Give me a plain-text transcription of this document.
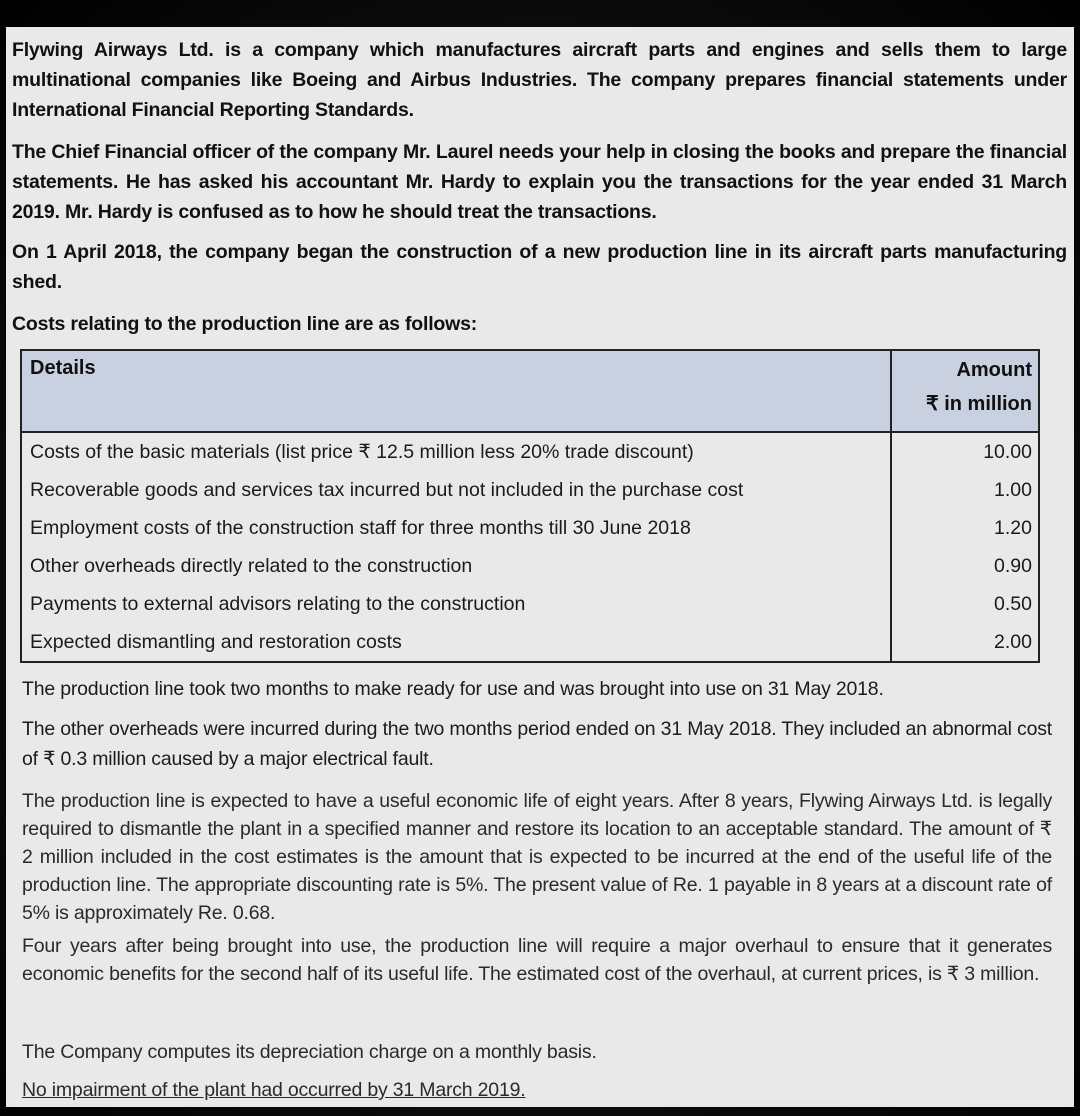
Flywing Airways Ltd. is a company which manufactures aircraft parts and engines and sells them to large multinational companies like Boeing and Airbus Industries. The company prepares financial statements under International Financial Reporting Standards.

The Chief Financial officer of the company Mr. Laurel needs your help in closing the books and prepare the financial statements. He has asked his accountant Mr. Hardy to explain you the transactions for the year ended 31 March 2019. Mr. Hardy is confused as to how he should treat the transactions.

On 1 April 2018, the company began the construction of a new production line in its aircraft parts manufacturing shed.

Costs relating to the production line are as follows:

Details	Amount
₹ in million
Costs of the basic materials (list price ₹ 12.5 million less 20% trade discount)	10.00
Recoverable goods and services tax incurred but not included in the purchase cost	1.00
Employment costs of the construction staff for three months till 30 June 2018	1.20
Other overheads directly related to the construction	0.90
Payments to external advisors relating to the construction	0.50
Expected dismantling and restoration costs	2.00

The production line took two months to make ready for use and was brought into use on 31 May 2018.

The other overheads were incurred during the two months period ended on 31 May 2018. They included an abnormal cost of ₹ 0.3 million caused by a major electrical fault.

The production line is expected to have a useful economic life of eight years. After 8 years, Flywing Airways Ltd. is legally required to dismantle the plant in a specified manner and restore its location to an acceptable standard. The amount of ₹ 2 million included in the cost estimates is the amount that is expected to be incurred at the end of the useful life of the production line. The appropriate discounting rate is 5%. The present value of Re. 1 payable in 8 years at a discount rate of 5% is approximately Re. 0.68.

Four years after being brought into use, the production line will require a major overhaul to ensure that it generates economic benefits for the second half of its useful life. The estimated cost of the overhaul, at current prices, is ₹ 3 million.

The Company computes its depreciation charge on a monthly basis.

No impairment of the plant had occurred by 31 March 2019.
